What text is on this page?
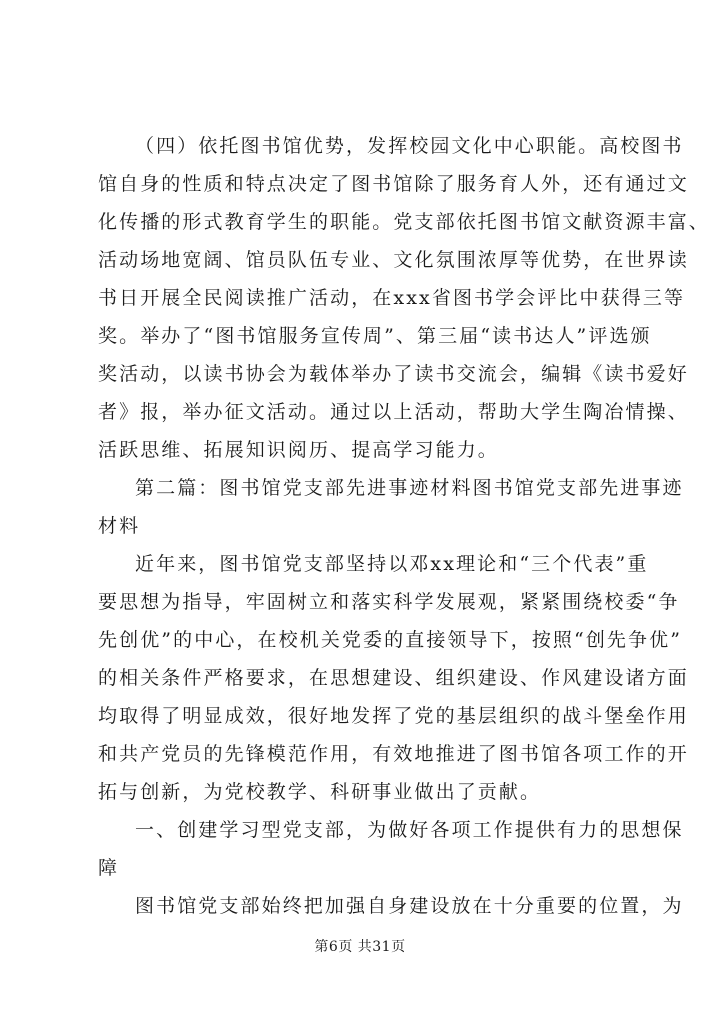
（四）依托图书馆优势，发挥校园文化中心职能。高校图书
馆自身的性质和特点决定了图书馆除了服务育人外，还有通过文
化传播的形式教育学生的职能。党支部依托图书馆文献资源丰富、
活动场地宽阔、馆员队伍专业、文化氛围浓厚等优势，在世界读
书日开展全民阅读推广活动，在xxx省图书学会评比中获得三等
奖。举办了“图书馆服务宣传周”、第三届“读书达人”评选颁
奖活动，以读书协会为载体举办了读书交流会，编辑《读书爱好
者》报，举办征文活动。通过以上活动，帮助大学生陶冶情操、
活跃思维、拓展知识阅历、提高学习能力。
第二篇：图书馆党支部先进事迹材料图书馆党支部先进事迹
材料
近年来，图书馆党支部坚持以邓xx理论和“三个代表”重
要思想为指导，牢固树立和落实科学发展观，紧紧围绕校委“争
先创优”的中心，在校机关党委的直接领导下，按照“创先争优”
的相关条件严格要求，在思想建设、组织建设、作风建设诸方面
均取得了明显成效，很好地发挥了党的基层组织的战斗堡垒作用
和共产党员的先锋模范作用，有效地推进了图书馆各项工作的开
拓与创新，为党校教学、科研事业做出了贡献。
一、创建学习型党支部，为做好各项工作提供有力的思想保
障
图书馆党支部始终把加强自身建设放在十分重要的位置，为
第6页 共31页
